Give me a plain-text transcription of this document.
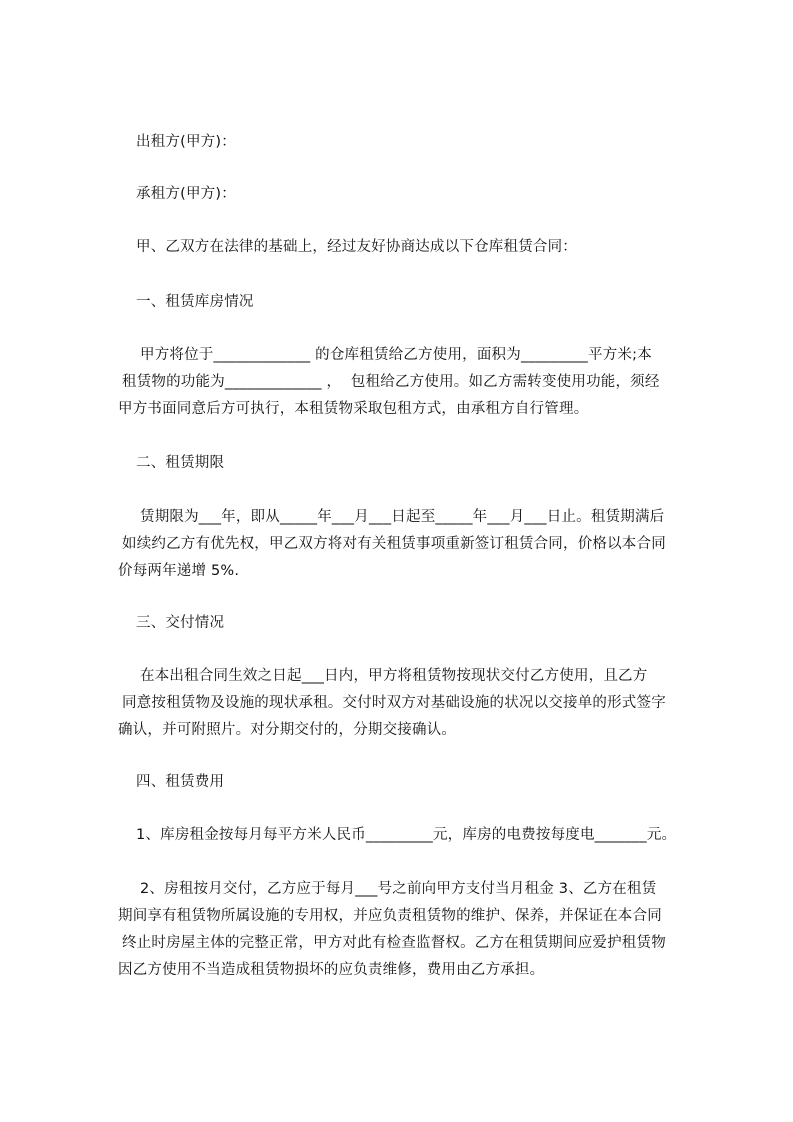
出租方(甲方)：
承租方(甲方)：
甲、乙双方在法律的基础上，经过友好协商达成以下仓库租赁合同：
一、租赁库房情况
甲方将位于_____________ 的仓库租赁给乙方使用，面积为_________平方米;本
租赁物的功能为_____________ ，  包租给乙方使用。如乙方需转变使用功能，须经
甲方书面同意后方可执行，本租赁物采取包租方式，由承租方自行管理。
二、租赁期限
赁期限为___年，即从_____年___月___日起至_____年___月___日止。租赁期满后
如续约乙方有优先权，甲乙双方将对有关租赁事项重新签订租赁合同，价格以本合同
价每两年递增 5%.
三、交付情况
在本出租合同生效之日起___日内，甲方将租赁物按现状交付乙方使用，且乙方
同意按租赁物及设施的现状承租。交付时双方对基础设施的状况以交接单的形式签字
确认，并可附照片。对分期交付的，分期交接确认。
四、租赁费用
1、库房租金按每月每平方米人民币_________元，库房的电费按每度电_______元。
2、房租按月交付，乙方应于每月___号之前向甲方支付当月租金 3、乙方在租赁
期间享有租赁物所属设施的专用权，并应负责租赁物的维护、保养，并保证在本合同
终止时房屋主体的完整正常，甲方对此有检查监督权。乙方在租赁期间应爱护租赁物
因乙方使用不当造成租赁物损坏的应负责维修，费用由乙方承担。
